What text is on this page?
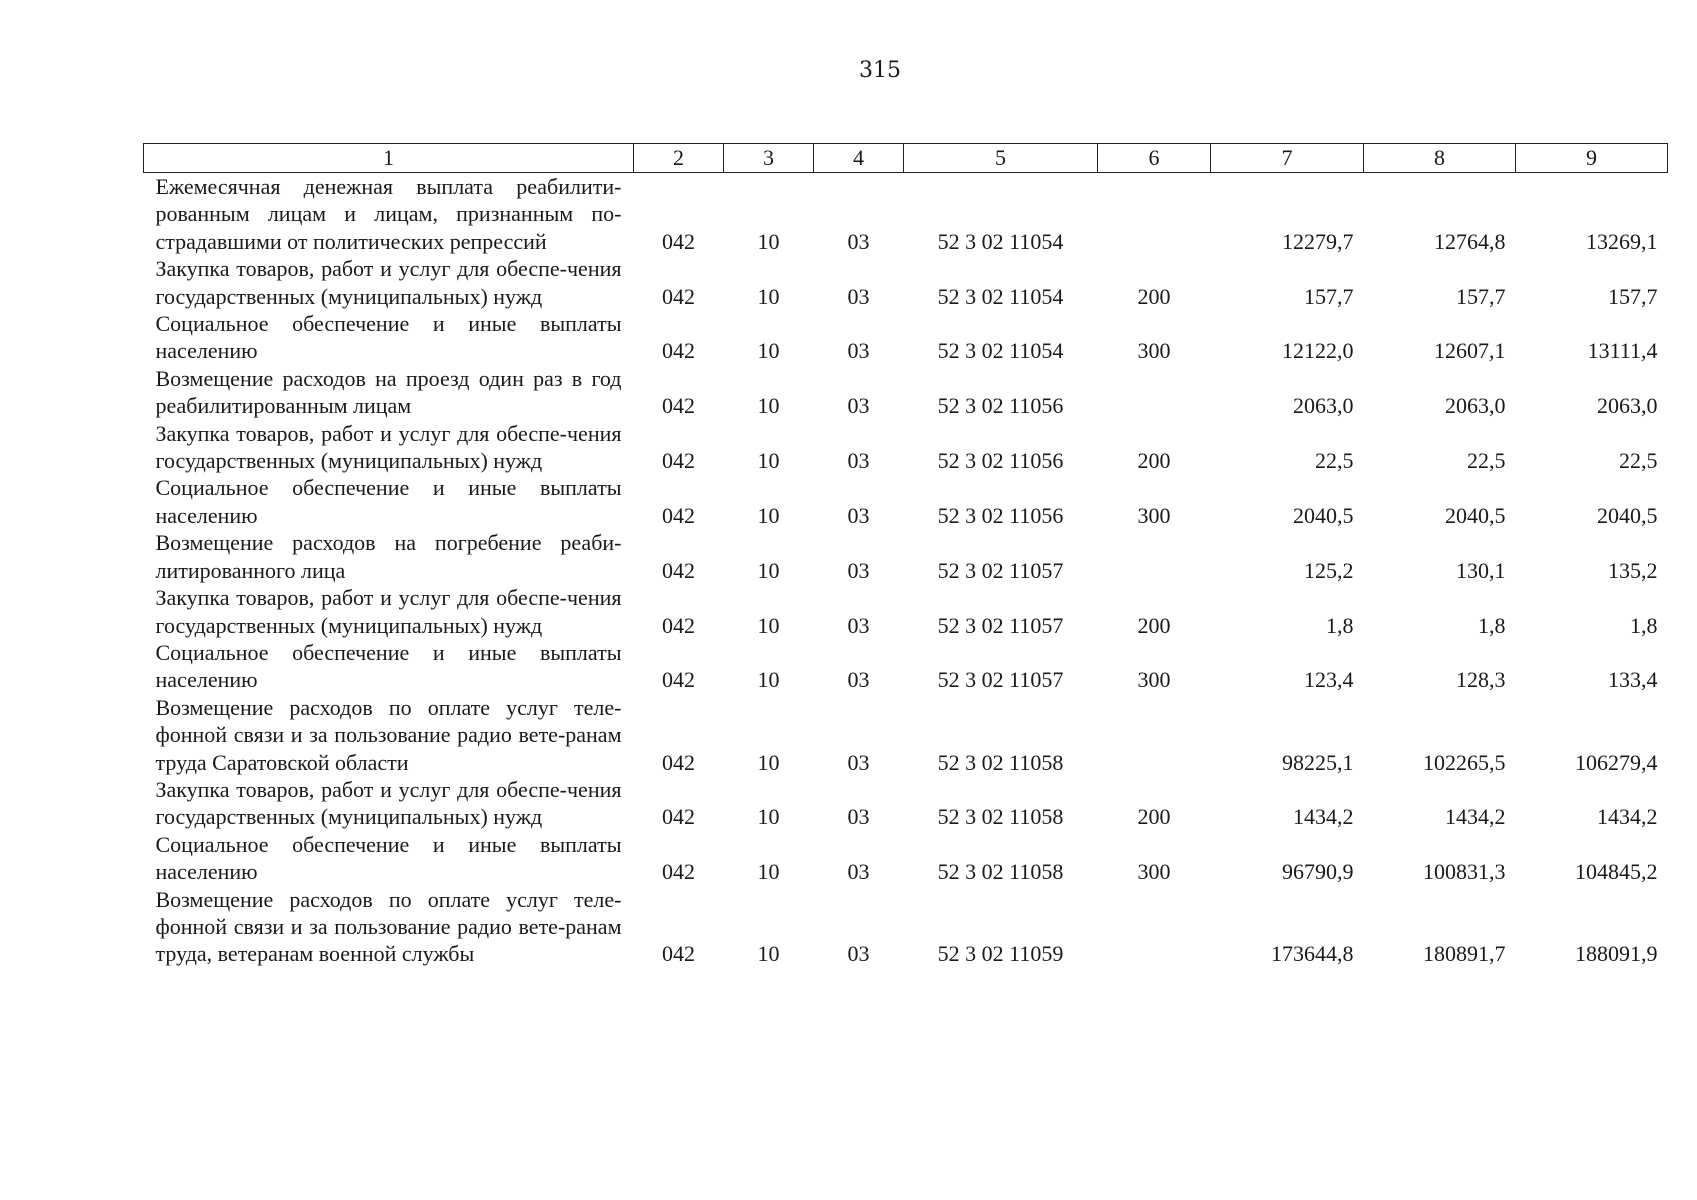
315
1	2	3	4	5	6	7	8	9
Ежемесячная денежная выплата реабилити-рованным лицам и лицам, признанным по-страдавшими от политических репрессий	042	10	03	52 3 02 11054		12279,7	12764,8	13269,1
Закупка товаров, работ и услуг для обеспе-чения государственных (муниципальных) нужд	042	10	03	52 3 02 11054	200	157,7	157,7	157,7
Социальное обеспечение и иные выплаты населению	042	10	03	52 3 02 11054	300	12122,0	12607,1	13111,4
Возмещение расходов на проезд один раз в год реабилитированным лицам	042	10	03	52 3 02 11056		2063,0	2063,0	2063,0
Закупка товаров, работ и услуг для обеспе-чения государственных (муниципальных) нужд	042	10	03	52 3 02 11056	200	22,5	22,5	22,5
Социальное обеспечение и иные выплаты населению	042	10	03	52 3 02 11056	300	2040,5	2040,5	2040,5
Возмещение расходов на погребение реаби-литированного лица	042	10	03	52 3 02 11057		125,2	130,1	135,2
Закупка товаров, работ и услуг для обеспе-чения государственных (муниципальных) нужд	042	10	03	52 3 02 11057	200	1,8	1,8	1,8
Социальное обеспечение и иные выплаты населению	042	10	03	52 3 02 11057	300	123,4	128,3	133,4
Возмещение расходов по оплате услуг теле-фонной связи и за пользование радио вете-ранам труда Саратовской области	042	10	03	52 3 02 11058		98225,1	102265,5	106279,4
Закупка товаров, работ и услуг для обеспе-чения государственных (муниципальных) нужд	042	10	03	52 3 02 11058	200	1434,2	1434,2	1434,2
Социальное обеспечение и иные выплаты населению	042	10	03	52 3 02 11058	300	96790,9	100831,3	104845,2
Возмещение расходов по оплате услуг теле-фонной связи и за пользование радио вете-ранам труда, ветеранам военной службы	042	10	03	52 3 02 11059		173644,8	180891,7	188091,9
